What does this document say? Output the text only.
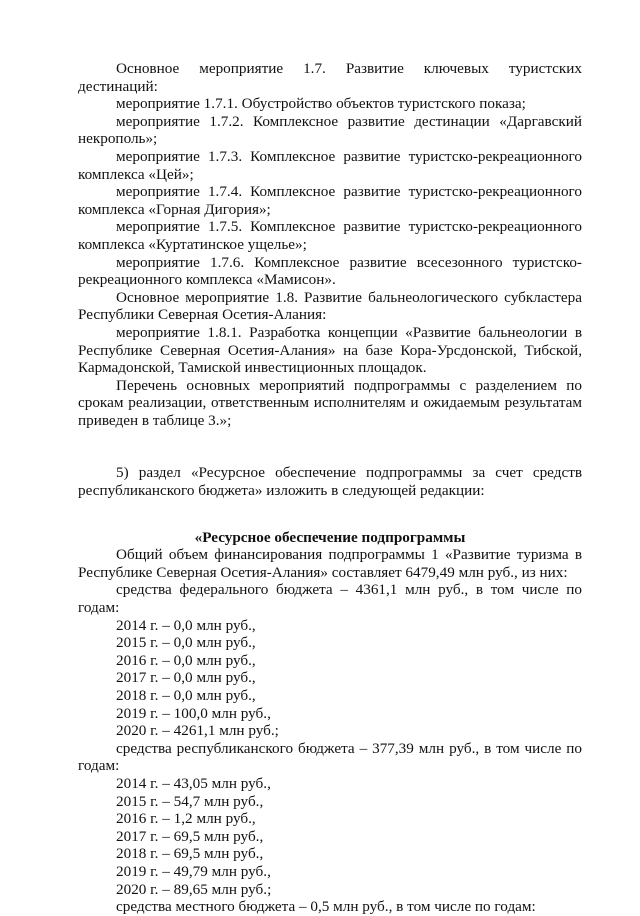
Основное мероприятие 1.7. Развитие ключевых туристских дестинаций:

мероприятие 1.7.1. Обустройство объектов туристского показа;

мероприятие 1.7.2. Комплексное развитие дестинации «Даргавский некрополь»;

мероприятие 1.7.3. Комплексное развитие туристско-рекреационного комплекса «Цей»;

мероприятие 1.7.4. Комплексное развитие туристско-рекреационного комплекса «Горная Дигория»;

мероприятие 1.7.5. Комплексное развитие туристско-рекреационного комплекса «Куртатинское ущелье»;

мероприятие 1.7.6. Комплексное развитие всесезонного туристско-рекреационного комплекса «Мамисон».

Основное мероприятие 1.8. Развитие бальнеологического субкластера Республики Северная Осетия-Алания:

мероприятие 1.8.1. Разработка концепции «Развитие бальнеологии в Республике Северная Осетия-Алания» на базе Кора-Урсдонской, Тибской, Кармадонской, Тамиской инвестиционных площадок.

Перечень основных мероприятий подпрограммы с разделением по срокам реализации, ответственным исполнителям и ожидаемым результатам приведен в таблице 3.»;

5) раздел «Ресурсное обеспечение подпрограммы за счет средств республиканского бюджета» изложить в следующей редакции:

«Ресурсное обеспечение подпрограммы

Общий объем финансирования подпрограммы 1 «Развитие туризма в Республике Северная Осетия-Алания» составляет 6479,49 млн руб., из них:

средства федерального бюджета – 4361,1 млн руб., в том числе по годам:

2014 г. – 0,0 млн руб.,

2015 г. – 0,0 млн руб.,

2016 г. – 0,0 млн руб.,

2017 г. – 0,0 млн руб.,

2018 г. – 0,0 млн руб.,

2019 г. – 100,0 млн руб.,

2020 г. – 4261,1 млн руб.;

средства республиканского бюджета – 377,39 млн руб., в том числе по годам:

2014 г. – 43,05 млн руб.,

2015 г. – 54,7 млн руб.,

2016 г. – 1,2 млн руб.,

2017 г. – 69,5 млн руб.,

2018 г. – 69,5 млн руб.,

2019 г. – 49,79 млн руб.,

2020 г. – 89,65 млн руб.;

средства местного бюджета – 0,5 млн руб., в том числе по годам:
